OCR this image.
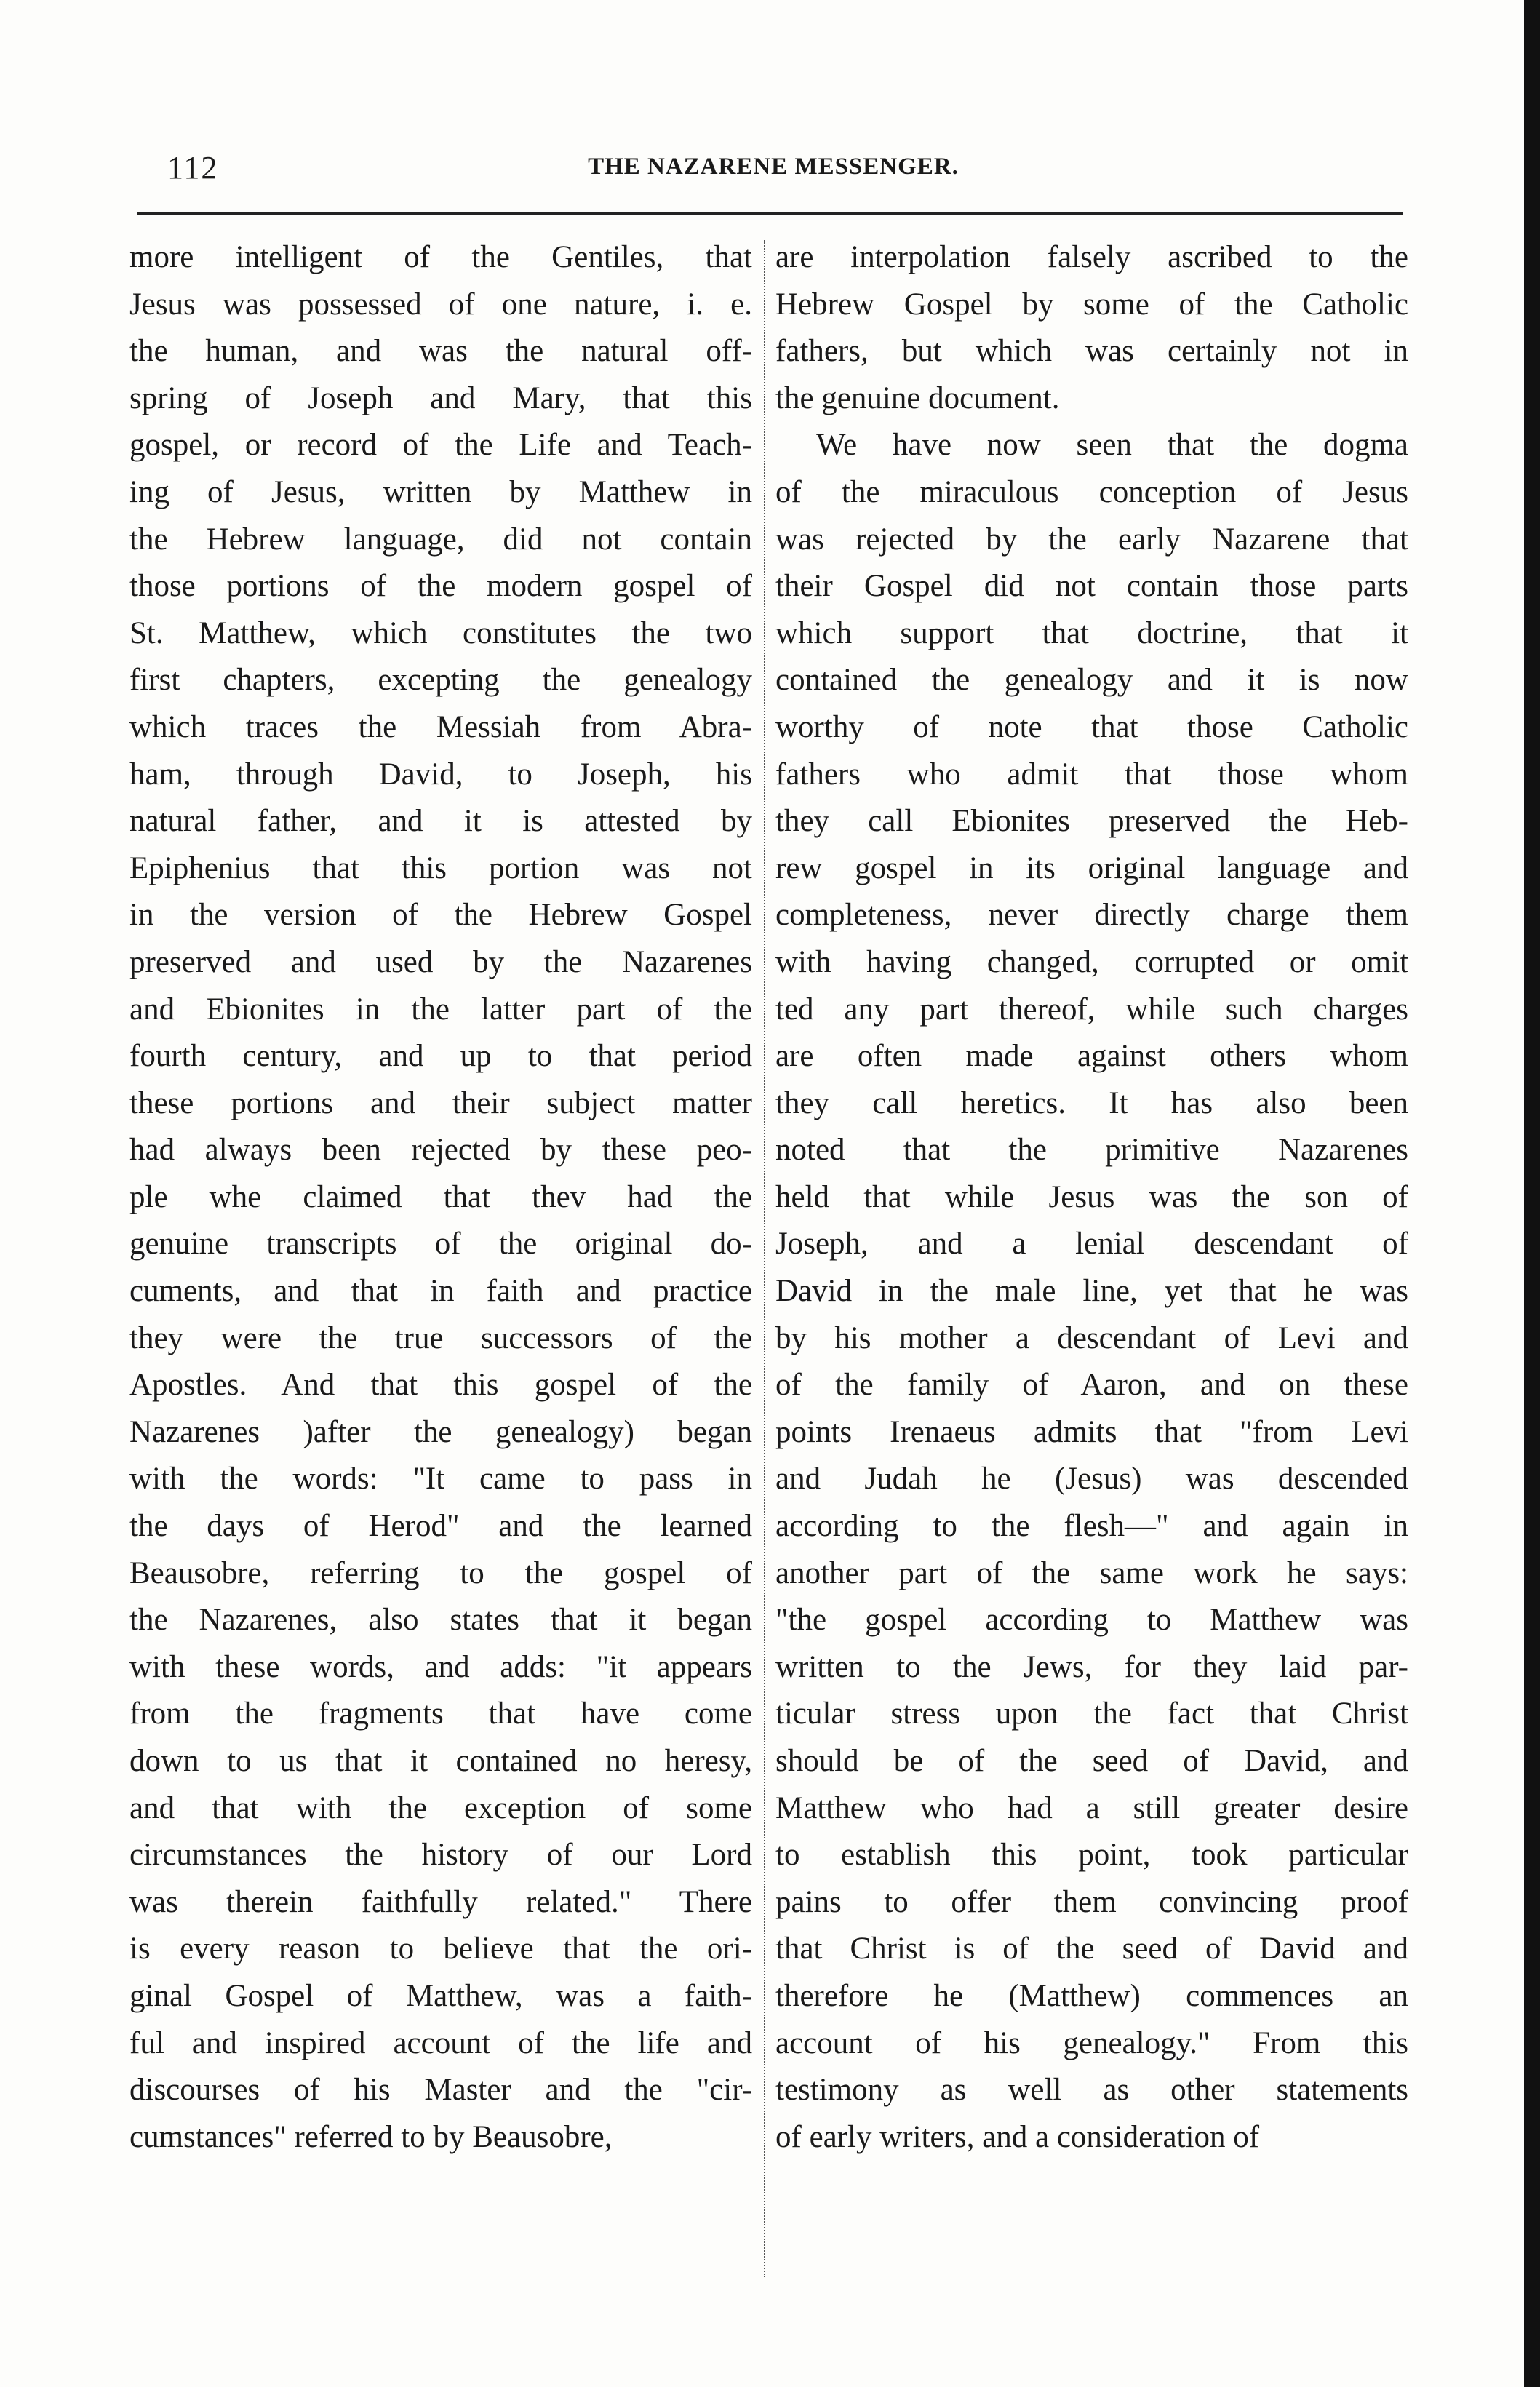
112	THE NAZARENE MESSENGER.
more intelligent of the Gentiles, that
Jesus was possessed of one nature, i. e.
the human, and was the natural off-
spring of Joseph and Mary, that this
gospel, or record of the Life and Teach-
ing of Jesus, written by Matthew in
the Hebrew language, did not contain
those portions of the modern gospel of
St. Matthew, which constitutes the two
first chapters, excepting the genealogy
which traces the Messiah from Abra-
ham, through David, to Joseph, his
natural father, and it is attested by
Epiphenius that this portion was not
in the version of the Hebrew Gospel
preserved and used by the Nazarenes
and Ebionites in the latter part of the
fourth century, and up to that period
these portions and their subject matter
had always been rejected by these peo-
ple whe claimed that thev had the
genuine transcripts of the original do-
cuments, and that in faith and practice
they were the true successors of the
Apostles. And that this gospel of the
Nazarenes )after the genealogy) began
with the words: "It came to pass in
the days of Herod" and the learned
Beausobre, referring to the gospel of
the Nazarenes, also states that it began
with these words, and adds: "it appears
from the fragments that have come
down to us that it contained no heresy,
and that with the exception of some
circumstances the history of our Lord
was therein faithfully related." There
is every reason to believe that the ori-
ginal Gospel of Matthew, was a faith-
ful and inspired account of the life and
discourses of his Master and the "cir-
cumstances" referred to by Beausobre,
are interpolation falsely ascribed to the
Hebrew Gospel by some of the Catholic
fathers, but which was certainly not in
the genuine document.
We have now seen that the dogma
of the miraculous conception of Jesus
was rejected by the early Nazarene that
their Gospel did not contain those parts
which support that doctrine, that it
contained the genealogy and it is now
worthy of note that those Catholic
fathers who admit that those whom
they call Ebionites preserved the Heb-
rew gospel in its original language and
completeness, never directly charge them
with having changed, corrupted or omit
ted any part thereof, while such charges
are often made against others whom
they call heretics. It has also been
noted that the primitive Nazarenes
held that while Jesus was the son of
Joseph, and a lenial descendant of
David in the male line, yet that he was
by his mother a descendant of Levi and
of the family of Aaron, and on these
points Irenaeus admits that "from Levi
and Judah he (Jesus) was descended
according to the flesh—" and again in
another part of the same work he says:
"the gospel according to Matthew was
written to the Jews, for they laid par-
ticular stress upon the fact that Christ
should be of the seed of David, and
Matthew who had a still greater desire
to establish this point, took particular
pains to offer them convincing proof
that Christ is of the seed of David and
therefore he (Matthew) commences an
account of his genealogy." From this
testimony as well as other statements
of early writers, and a consideration of
